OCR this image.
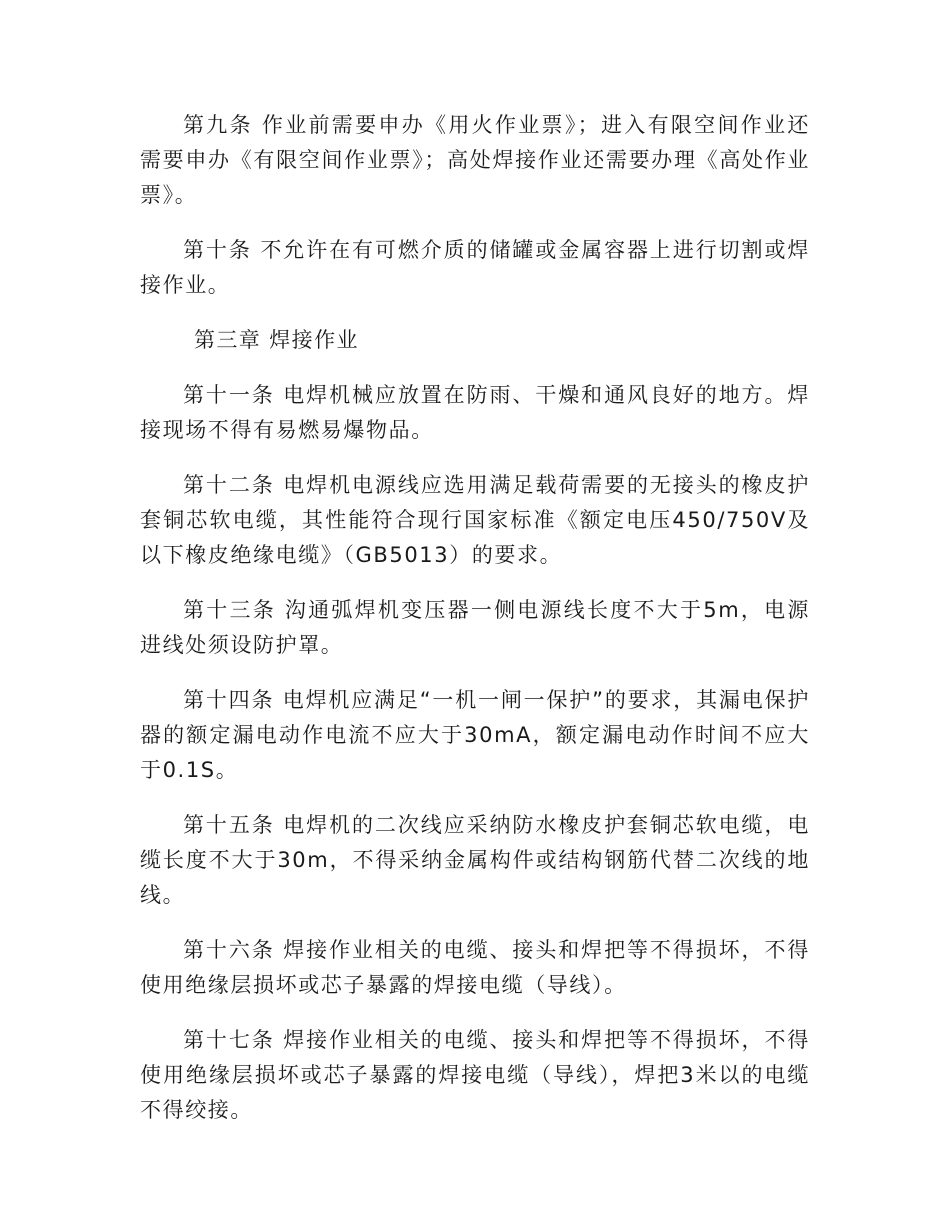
第九条 作业前需要申办《用火作业票》；进入有限空间作业还需要申办《有限空间作业票》；高处焊接作业还需要办理《高处作业票》。

第十条 不允许在有可燃介质的储罐或金属容器上进行切割或焊接作业。

第三章 焊接作业

第十一条 电焊机械应放置在防雨、干燥和通风良好的地方。焊接现场不得有易燃易爆物品。

第十二条 电焊机电源线应选用满足载荷需要的无接头的橡皮护套铜芯软电缆，其性能符合现行国家标准《额定电压450/750V及以下橡皮绝缘电缆》（GB5013）的要求。

第十三条 沟通弧焊机变压器一侧电源线长度不大于5m，电源进线处须设防护罩。

第十四条 电焊机应满足“一机一闸一保护”的要求，其漏电保护器的额定漏电动作电流不应大于30mA，额定漏电动作时间不应大于0.1S。

第十五条 电焊机的二次线应采纳防水橡皮护套铜芯软电缆，电缆长度不大于30m，不得采纳金属构件或结构钢筋代替二次线的地线。

第十六条 焊接作业相关的电缆、接头和焊把等不得损坏，不得使用绝缘层损坏或芯子暴露的焊接电缆（导线）。

第十七条 焊接作业相关的电缆、接头和焊把等不得损坏，不得使用绝缘层损坏或芯子暴露的焊接电缆（导线），焊把3米以的电缆不得绞接。
